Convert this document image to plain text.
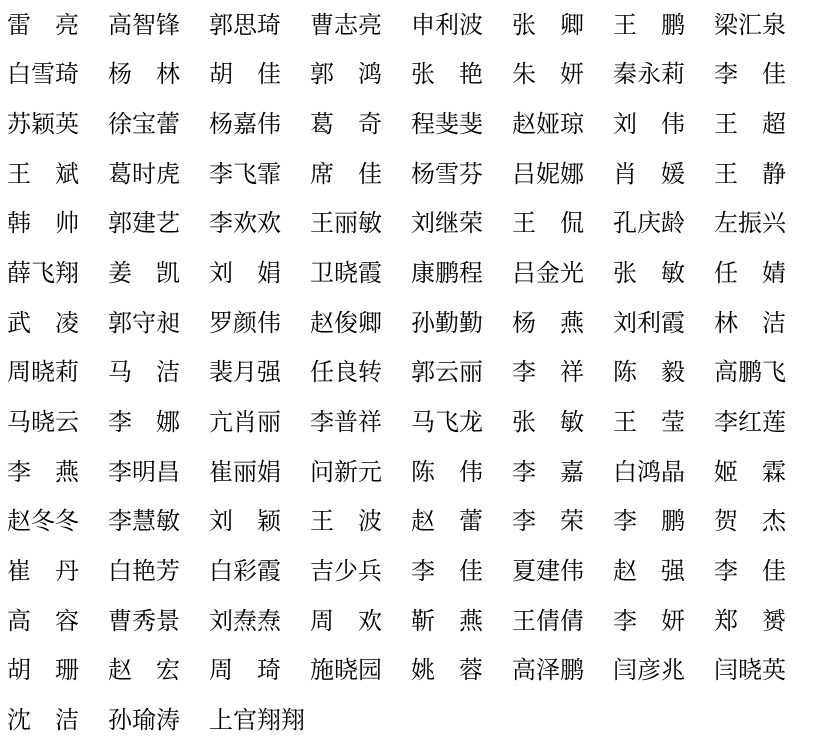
雷 亮 高智锋 郭思琦 曹志亮 申利波 张 卿 王 鹏 梁汇泉
白雪琦 杨 林 胡 佳 郭 鸿 张 艳 朱 妍 秦永莉 李 佳
苏颖英 徐宝蕾 杨嘉伟 葛 奇 程斐斐 赵娅琼 刘 伟 王 超
王 斌 葛时虎 李飞霏 席 佳 杨雪芬 吕妮娜 肖 媛 王 静
韩 帅 郭建艺 李欢欢 王丽敏 刘继荣 王 侃 孔庆龄 左振兴
薛飞翔 姜 凯 刘 娟 卫晓霞 康鹏程 吕金光 张 敏 任 婧
武 凌 郭守昶 罗颜伟 赵俊卿 孙勤勤 杨 燕 刘利霞 林 洁
周晓莉 马 洁 裴月强 任良转 郭云丽 李 祥 陈 毅 高鹏飞
马晓云 李 娜 亢肖丽 李普祥 马飞龙 张 敏 王 莹 李红莲
李 燕 李明昌 崔丽娟 问新元 陈 伟 李 嘉 白鸿晶 姬 霖
赵冬冬 李慧敏 刘 颖 王 波 赵 蕾 李 荣 李 鹏 贺 杰
崔 丹 白艳芳 白彩霞 吉少兵 李 佳 夏建伟 赵 强 李 佳
高 容 曹秀景 刘焘焘 周 欢 靳 燕 王倩倩 李 妍 郑 赟
胡 珊 赵 宏 周 琦 施晓园 姚 蓉 高泽鹏 闫彦兆 闫晓英
沈 洁 孙瑜涛 上官翔翔
